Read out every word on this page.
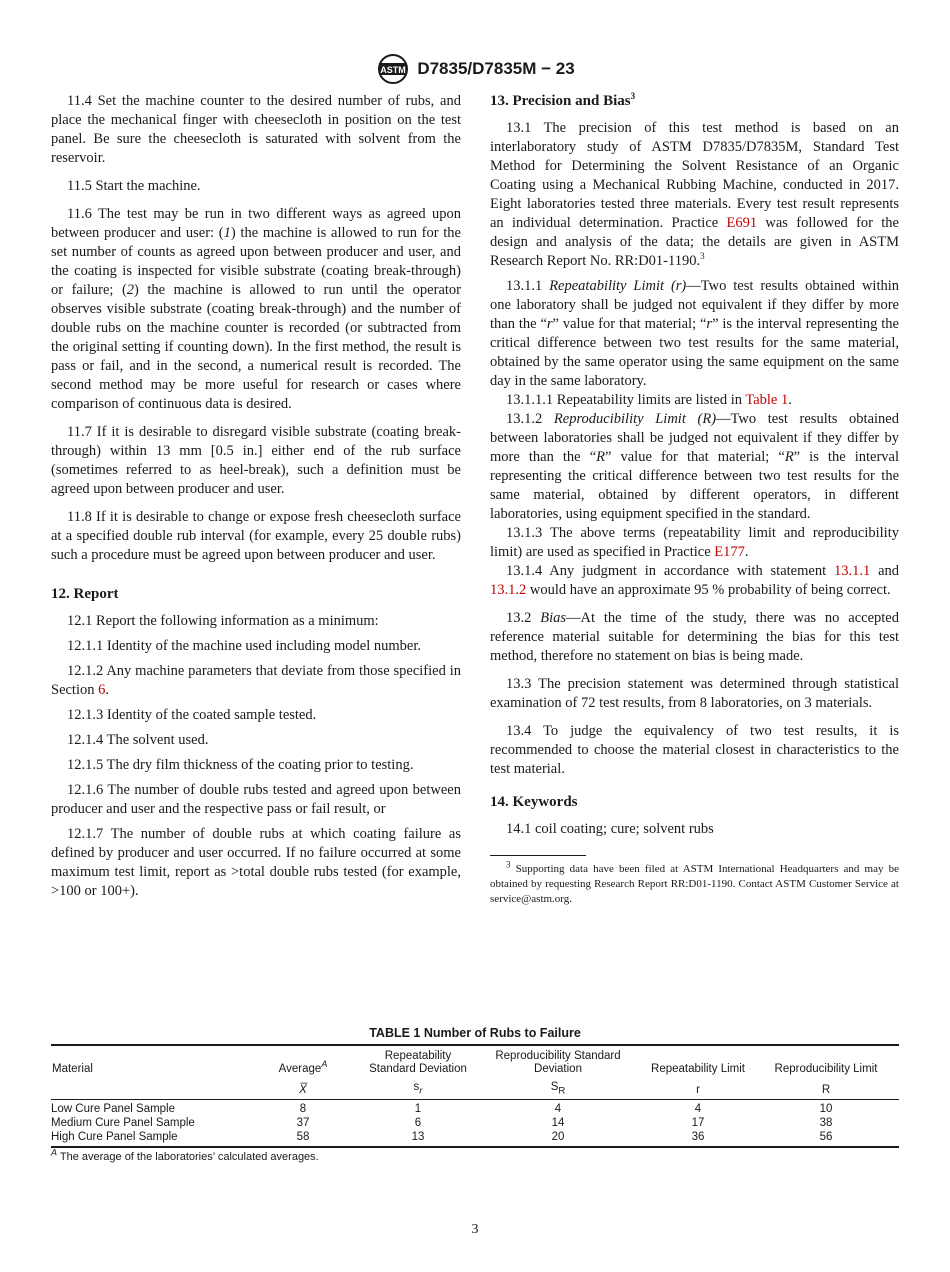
ASTM D7835/D7835M − 23

11.4 Set the machine counter to the desired number of rubs, and place the mechanical finger with cheesecloth in position on the test panel. Be sure the cheesecloth is saturated with solvent from the reservoir.

11.5 Start the machine.

11.6 The test may be run in two different ways as agreed upon between producer and user: (1) the machine is allowed to run for the set number of counts as agreed upon between producer and user, and the coating is inspected for visible substrate (coating break-through) or failure; (2) the machine is allowed to run until the operator observes visible substrate (coating break-through) and the number of double rubs on the machine counter is recorded (or subtracted from the original setting if counting down). In the first method, the result is pass or fail, and in the second, a numerical result is recorded. The second method may be more useful for research or cases where comparison of continuous data is desired.

11.7 If it is desirable to disregard visible substrate (coating break-through) within 13 mm [0.5 in.] either end of the rub surface (sometimes referred to as heel-break), such a definition must be agreed upon between producer and user.

11.8 If it is desirable to change or expose fresh cheesecloth surface at a specified double rub interval (for example, every 25 double rubs) such a procedure must be agreed upon between producer and user.

12. Report

12.1 Report the following information as a minimum:

12.1.1 Identity of the machine used including model number.

12.1.2 Any machine parameters that deviate from those specified in Section 6.

12.1.3 Identity of the coated sample tested.

12.1.4 The solvent used.

12.1.5 The dry film thickness of the coating prior to testing.

12.1.6 The number of double rubs tested and agreed upon between producer and user and the respective pass or fail result, or

12.1.7 The number of double rubs at which coating failure as defined by producer and user occurred. If no failure occurred at some maximum test limit, report as >total double rubs tested (for example, >100 or 100+).

13. Precision and Bias$^3$

13.1 The precision of this test method is based on an interlaboratory study of ASTM D7835/D7835M, Standard Test Method for Determining the Solvent Resistance of an Organic Coating using a Mechanical Rubbing Machine, conducted in 2017. Eight laboratories tested three materials. Every test result represents an individual determination. Practice E691 was followed for the design and analysis of the data; the details are given in ASTM Research Report No. RR:D01-1190.$^3$

13.1.1 Repeatability Limit (r)—Two test results obtained within one laboratory shall be judged not equivalent if they differ by more than the “r” value for that material; “r” is the interval representing the critical difference between two test results for the same material, obtained by the same operator using the same equipment on the same day in the same laboratory.

13.1.1.1 Repeatability limits are listed in Table 1.

13.1.2 Reproducibility Limit (R)—Two test results obtained between laboratories shall be judged not equivalent if they differ by more than the “R” value for that material; “R” is the interval representing the critical difference between two test results for the same material, obtained by different operators, in different laboratories, using equipment specified in the standard.

13.1.3 The above terms (repeatability limit and reproducibility limit) are used as specified in Practice E177.

13.1.4 Any judgment in accordance with statement 13.1.1 and 13.1.2 would have an approximate 95 % probability of being correct.

13.2 Bias—At the time of the study, there was no accepted reference material suitable for determining the bias for this test method, therefore no statement on bias is being made.

13.3 The precision statement was determined through statistical examination of 72 test results, from 8 laboratories, on 3 materials.

13.4 To judge the equivalency of two test results, it is recommended to choose the material closest in characteristics to the test material.

14. Keywords

14.1 coil coating; cure; solvent rubs

$^3$ Supporting data have been filed at ASTM International Headquarters and may be obtained by requesting Research Report RR:D01-1190. Contact ASTM Customer Service at service@astm.org.

TABLE 1 Number of Rubs to Failure
Material	Average$^A$	Repeatability Standard Deviation	Reproducibility Standard Deviation	Repeatability Limit	Reproducibility Limit
	X̅	$s_r$	$S_R$	r	R
Low Cure Panel Sample	8	1	4	4	10
Medium Cure Panel Sample	37	6	14	17	38
High Cure Panel Sample	58	13	20	36	56
$^A$ The average of the laboratories’ calculated averages.
3
